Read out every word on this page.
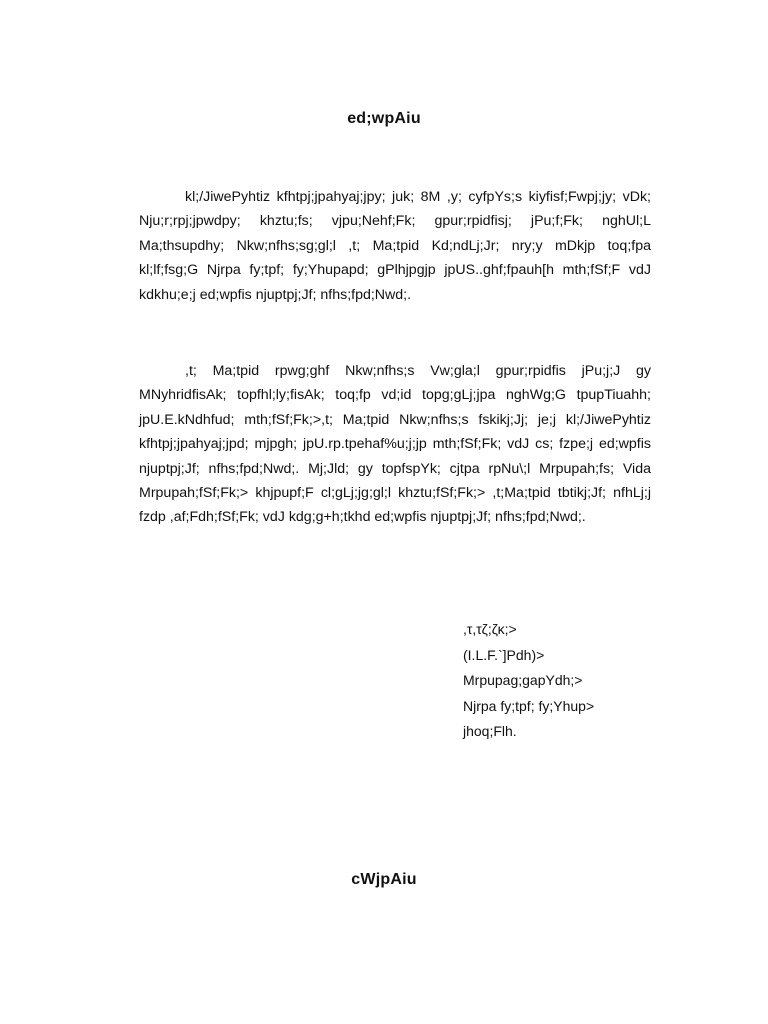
ed;wpAiu

kl;/JiwePyhtiz kfhtpj;jpahyaj;jpy; juk; 8M ,y; cyfpYs;s kiyfisf;Fwpj;jy; vDk; Nju;r;rpj;jpwdpy; khztu;fs; vjpu;Nehf;Fk; gpur;rpidfisj; jPu;f;Fk; nghUl;L Ma;thsupdhy; Nkw;nfhs;sg;gl;l ,t; Ma;tpid Kd;ndLj;Jr; nry;y mDkjp toq;fpa kl;lf;fsg;G Njrpa fy;tpf; fy;Yhupapd; gPlhjpgjp jpUS..ghf;fpauh[h mth;fSf;F vdJ kdkhu;e;j ed;wpfis njuptpj;Jf; nfhs;fpd;Nwd;.

,t; Ma;tpid rpwg;ghf Nkw;nfhs;s Vw;gla;l gpur;rpidfis jPu;j;J gy MNyhridfisAk; topfhl;ly;fisAk; toq;fp vd;id topg;gLj;jpa nghWg;G tpupTiuahh; jpU.E.kNdhfud; mth;fSf;Fk;>,t; Ma;tpid Nkw;nfhs;s fskikj;Jj; je;j kl;/JiwePyhtiz kfhtpj;jpahyaj;jpd; mjpgh; jpU.rp.tpehaf%u;j;jp mth;fSf;Fk; vdJ cs; fzpe;j ed;wpfis njuptpj;Jf; nfhs;fpd;Nwd;. Mj;Jld; gy topfspYk; cjtpa rpNu\;l Mrpupah;fs; Vida Mrpupah;fSf;Fk;> khjpupf;F cl;gLj;jg;gl;l khztu;fSf;Fk;> ,t;Ma;tpid tbtikj;Jf; nfhLj;j fzdp ,af;Fdh;fSf;Fk; vdJ kdg;g+h;tkhd ed;wpfis njuptpj;Jf; nfhs;fpd;Nwd;.

,τ,τζ;ζκ;>
(I.L.F.`]Pdh)>
Mrpupag;gapYdh;>
Njrpa fy;tpf; fy;Yhup>
jhoq;Flh.
cWjpAiu
